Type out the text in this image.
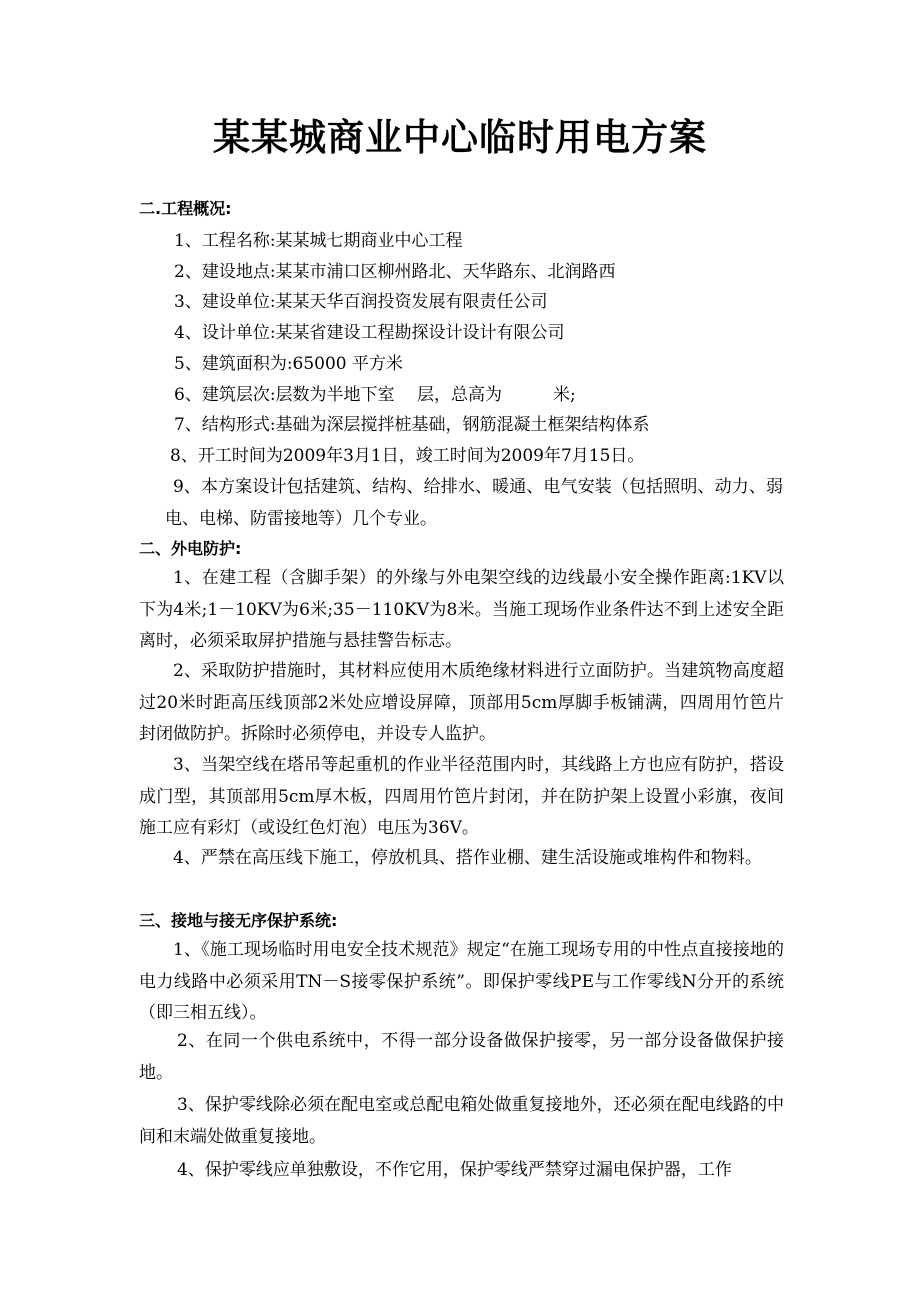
某某城商业中心临时用电方案
二.工程概况:
1、工程名称:某某城七期商业中心工程
2、建设地点:某某市浦口区柳州路北、天华路东、北润路西
3、建设单位:某某天华百润投资发展有限责任公司
4、设计单位:某某省建设工程勘探设计设计有限公司
5、建筑面积为:65000 平方米
6、建筑层次:层数为半地下室　 层，总高为　　　米;
7、结构形式:基础为深层搅拌桩基础，钢筋混凝土框架结构体系
8、开工时间为2009年3月1日，竣工时间为2009年7月15日。
9、本方案设计包括建筑、结构、给排水、暖通、电气安装（包括照明、动力、弱电、电梯、防雷接地等）几个专业。
二、外电防护:
1、在建工程（含脚手架）的外缘与外电架空线的边线最小安全操作距离:1KV以下为4米;1－10KV为6米;35－110KV为8米。当施工现场作业条件达不到上述安全距离时，必须采取屏护措施与悬挂警告标志。
2、采取防护措施时，其材料应使用木质绝缘材料进行立面防护。当建筑物高度超过20米时距高压线顶部2米处应增设屏障，顶部用5cm厚脚手板铺满，四周用竹笆片封闭做防护。拆除时必须停电，并设专人监护。
3、当架空线在塔吊等起重机的作业半径范围内时，其线路上方也应有防护，搭设成门型，其顶部用5cm厚木板，四周用竹笆片封闭，并在防护架上设置小彩旗，夜间施工应有彩灯（或设红色灯泡）电压为36V。
4、严禁在高压线下施工，停放机具、搭作业棚、建生活设施或堆构件和物料。
三、接地与接无序保护系统:
1、《施工现场临时用电安全技术规范》规定“在施工现场专用的中性点直接接地的电力线路中必须采用TN－S接零保护系统”。即保护零线PE与工作零线N分开的系统（即三相五线）。
2、在同一个供电系统中，不得一部分设备做保护接零，另一部分设备做保护接地。
3、保护零线除必须在配电室或总配电箱处做重复接地外，还必须在配电线路的中间和末端处做重复接地。
4、保护零线应单独敷设，不作它用，保护零线严禁穿过漏电保护器，工作
